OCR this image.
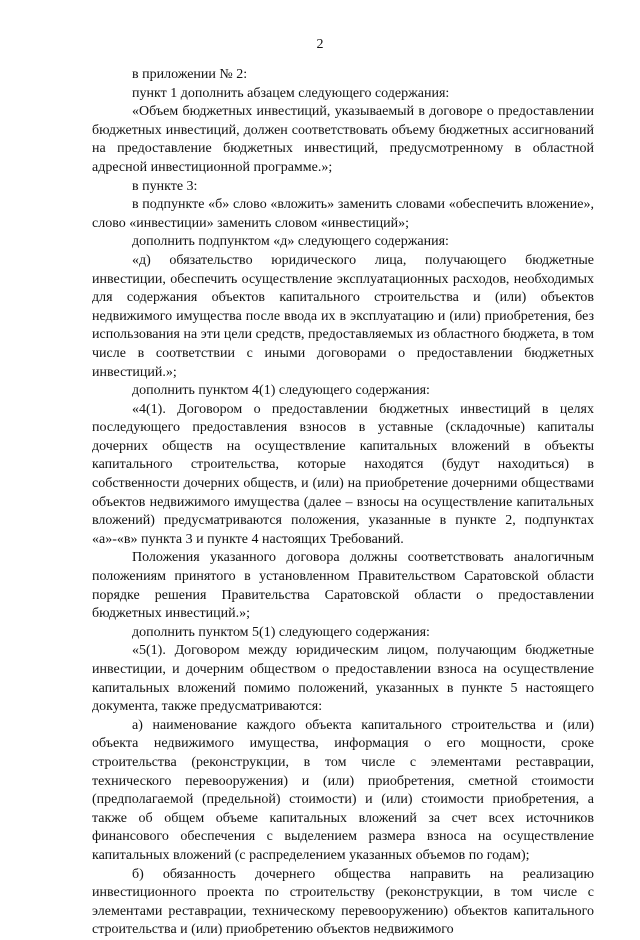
2

в приложении № 2:

пункт 1 дополнить абзацем следующего содержания:

«Объем бюджетных инвестиций, указываемый в договоре о предоставлении бюджетных инвестиций, должен соответствовать объему бюджетных ассигнований на предоставление бюджетных инвестиций, предусмотренному в областной адресной инвестиционной программе.»;

в пункте 3:

в подпункте «б» слово «вложить» заменить словами «обеспечить вложение», слово «инвестиции» заменить словом «инвестиций»;

дополнить подпунктом «д» следующего содержания:

«д) обязательство юридического лица, получающего бюджетные инвестиции, обеспечить осуществление эксплуатационных расходов, необходимых для содержания объектов капитального строительства и (или) объектов недвижимого имущества после ввода их в эксплуатацию и (или) приобретения, без использования на эти цели средств, предоставляемых из областного бюджета, в том числе в соответствии с иными договорами о предоставлении бюджетных инвестиций.»;

дополнить пунктом 4(1) следующего содержания:

«4(1). Договором о предоставлении бюджетных инвестиций в целях последующего предоставления взносов в уставные (складочные) капиталы дочерних обществ на осуществление капитальных вложений в объекты капитального строительства, которые находятся (будут находиться) в собственности дочерних обществ, и (или) на приобретение дочерними обществами объектов недвижимого имущества (далее – взносы на осуществление капитальных вложений) предусматриваются положения, указанные в пункте 2, подпунктах «а»-«в» пункта 3 и пункте 4 настоящих Требований.

Положения указанного договора должны соответствовать аналогичным положениям принятого в установленном Правительством Саратовской области порядке решения Правительства Саратовской области о предоставлении бюджетных инвестиций.»;

дополнить пунктом 5(1) следующего содержания:

«5(1). Договором между юридическим лицом, получающим бюджетные инвестиции, и дочерним обществом о предоставлении взноса на осуществление капитальных вложений помимо положений, указанных в пункте 5 настоящего документа, также предусматриваются:

а) наименование каждого объекта капитального строительства и (или) объекта недвижимого имущества, информация о его мощности, сроке строительства (реконструкции, в том числе с элементами реставрации, технического перевооружения) и (или) приобретения, сметной стоимости (предполагаемой (предельной) стоимости) и (или) стоимости приобретения, а также об общем объеме капитальных вложений за счет всех источников финансового обеспечения с выделением размера взноса на осуществление капитальных вложений (с распределением указанных объемов по годам);

б) обязанность дочернего общества направить на реализацию инвестиционного проекта по строительству (реконструкции, в том числе с элементами реставрации, техническому перевооружению) объектов капитального строительства и (или) приобретению объектов недвижимого
